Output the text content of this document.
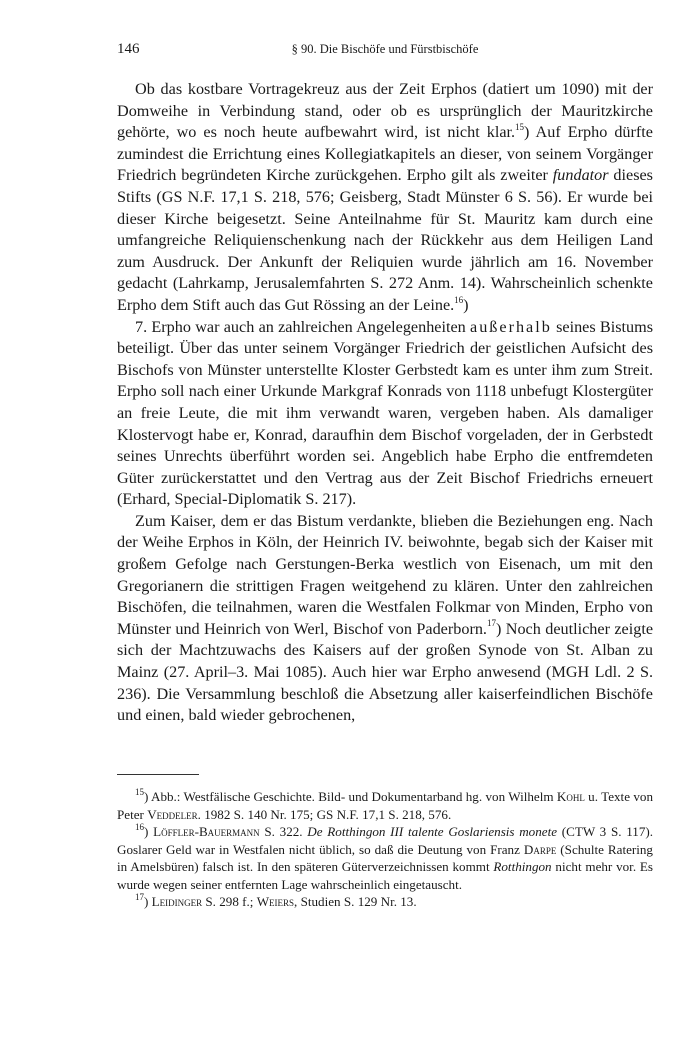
146	§ 90. Die Bischöfe und Fürstbischöfe

Ob das kostbare Vortragekreuz aus der Zeit Erphos (datiert um 1090) mit der Domweihe in Verbindung stand, oder ob es ursprünglich der Mauritzkirche gehörte, wo es noch heute aufbewahrt wird, ist nicht klar.$^{15}$) Auf Erpho dürfte zumindest die Errichtung eines Kollegiatkapitels an dieser, von seinem Vorgänger Friedrich begründeten Kirche zurückgehen. Erpho gilt als zweiter fundator dieses Stifts (GS N.F. 17,1 S. 218, 576; Geisberg, Stadt Münster 6 S. 56). Er wurde bei dieser Kirche beigesetzt. Seine Anteilnahme für St. Mauritz kam durch eine umfangreiche Reliquienschenkung nach der Rückkehr aus dem Heiligen Land zum Ausdruck. Der Ankunft der Reliquien wurde jährlich am 16. November gedacht (Lahrkamp, Jerusalemfahrten S. 272 Anm. 14). Wahrscheinlich schenkte Erpho dem Stift auch das Gut Rössing an der Leine.$^{16}$)

7. Erpho war auch an zahlreichen Angelegenheiten außerhalb seines Bistums beteiligt. Über das unter seinem Vorgänger Friedrich der geistlichen Aufsicht des Bischofs von Münster unterstellte Kloster Gerbstedt kam es unter ihm zum Streit. Erpho soll nach einer Urkunde Markgraf Konrads von 1118 unbefugt Klostergüter an freie Leute, die mit ihm verwandt waren, vergeben haben. Als damaliger Klostervogt habe er, Konrad, daraufhin dem Bischof vorgeladen, der in Gerbstedt seines Unrechts überführt worden sei. Angeblich habe Erpho die entfremdeten Güter zurückerstattet und den Vertrag aus der Zeit Bischof Friedrichs erneuert (Erhard, Special-Diplomatik S. 217).

Zum Kaiser, dem er das Bistum verdankte, blieben die Beziehungen eng. Nach der Weihe Erphos in Köln, der Heinrich IV. beiwohnte, begab sich der Kaiser mit großem Gefolge nach Gerstungen-Berka westlich von Eisenach, um mit den Gregorianern die strittigen Fragen weitgehend zu klären. Unter den zahlreichen Bischöfen, die teilnahmen, waren die Westfalen Folkmar von Minden, Erpho von Münster und Heinrich von Werl, Bischof von Paderborn.$^{17}$) Noch deutlicher zeigte sich der Machtzuwachs des Kaisers auf der großen Synode von St. Alban zu Mainz (27. April–3. Mai 1085). Auch hier war Erpho anwesend (MGH Ldl. 2 S. 236). Die Versammlung beschloß die Absetzung aller kaiserfeindlichen Bischöfe und einen, bald wieder gebrochenen,

$^{15}$) Abb.: Westfälische Geschichte. Bild- und Dokumentarband hg. von Wilhelm Kohl u. Texte von Peter Veddeler. 1982 S. 140 Nr. 175; GS N.F. 17,1 S. 218, 576.

$^{16}$) Löffler-Bauermann S. 322. De Rotthingon III talente Goslariensis monete (CTW 3 S. 117). Goslarer Geld war in Westfalen nicht üblich, so daß die Deutung von Franz Darpe (Schulte Ratering in Amelsbüren) falsch ist. In den späteren Güterverzeichnissen kommt Rotthingon nicht mehr vor. Es wurde wegen seiner entfernten Lage wahrscheinlich eingetauscht.

$^{17}$) Leidinger S. 298 f.; Weiers, Studien S. 129 Nr. 13.
